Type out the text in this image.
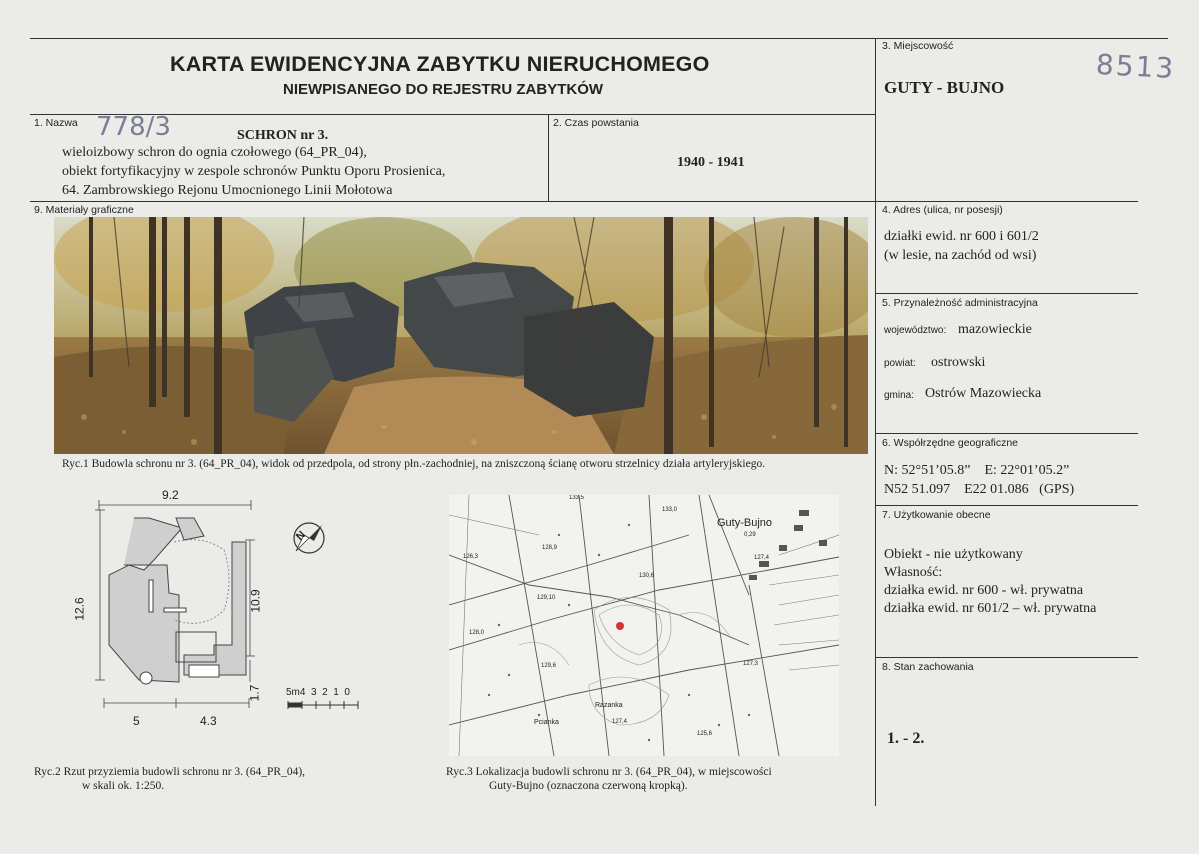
KARTA EWIDENCYJNA ZABYTKU NIERUCHOMEGO
NIEWPISANEGO DO REJESTRU ZABYTKÓW
8513
3. Miejscowość
GUTY - BUJNO
1. Nazwa 778/3	SCHRON nr 3.
wieloizbowy schron do ognia czołowego (64_PR_04),
obiekt fortyfikacyjny w zespole schronów Punktu Oporu Prosienica,
64. Zambrowskiego Rejonu Umocnionego Linii Mołotowa
2. Czas powstania
1940 - 1941
9. Materiały graficzne
Ryc.1 Budowla schronu nr 3. (64_PR_04), widok od przedpola, od strony płn.-zachodniej, na zniszczoną ścianę otworu strzelnicy działa artyleryjskiego.
9.2
12.6	10.9
1.7
5	4.3
5m4  3  2  1  0
N
Guty-Bujno
0,29
133,5
133,0
128,9
126,3	127,4
130,6
129,10
128,0
129,6	127,3
Razanka
Pcianka	127,4
125,6
Ryc.2 Rzut przyziemia budowli schronu nr 3. (64_PR_04),
w skali ok. 1:250.
Ryc.3 Lokalizacja budowli schronu nr 3. (64_PR_04), w miejscowości
Guty-Bujno (oznaczona czerwoną kropką).
4. Adres (ulica, nr posesji)
działki ewid. nr 600 i 601/2
(w lesie, na zachód od wsi)
5. Przynależność administracyjna
województwo: mazowieckie
powiat: ostrowski
gmina: Ostrów Mazowiecka
6. Współrzędne geograficzne
N: 52°51’05.8”    E: 22°01’05.2”
N52 51.097    E22 01.086   (GPS)
7. Użytkowanie obecne
Obiekt - nie użytkowany
Własność:
działka ewid. nr 600 - wł. prywatna
działka ewid. nr 601/2 – wł. prywatna
8. Stan zachowania
1. - 2.
